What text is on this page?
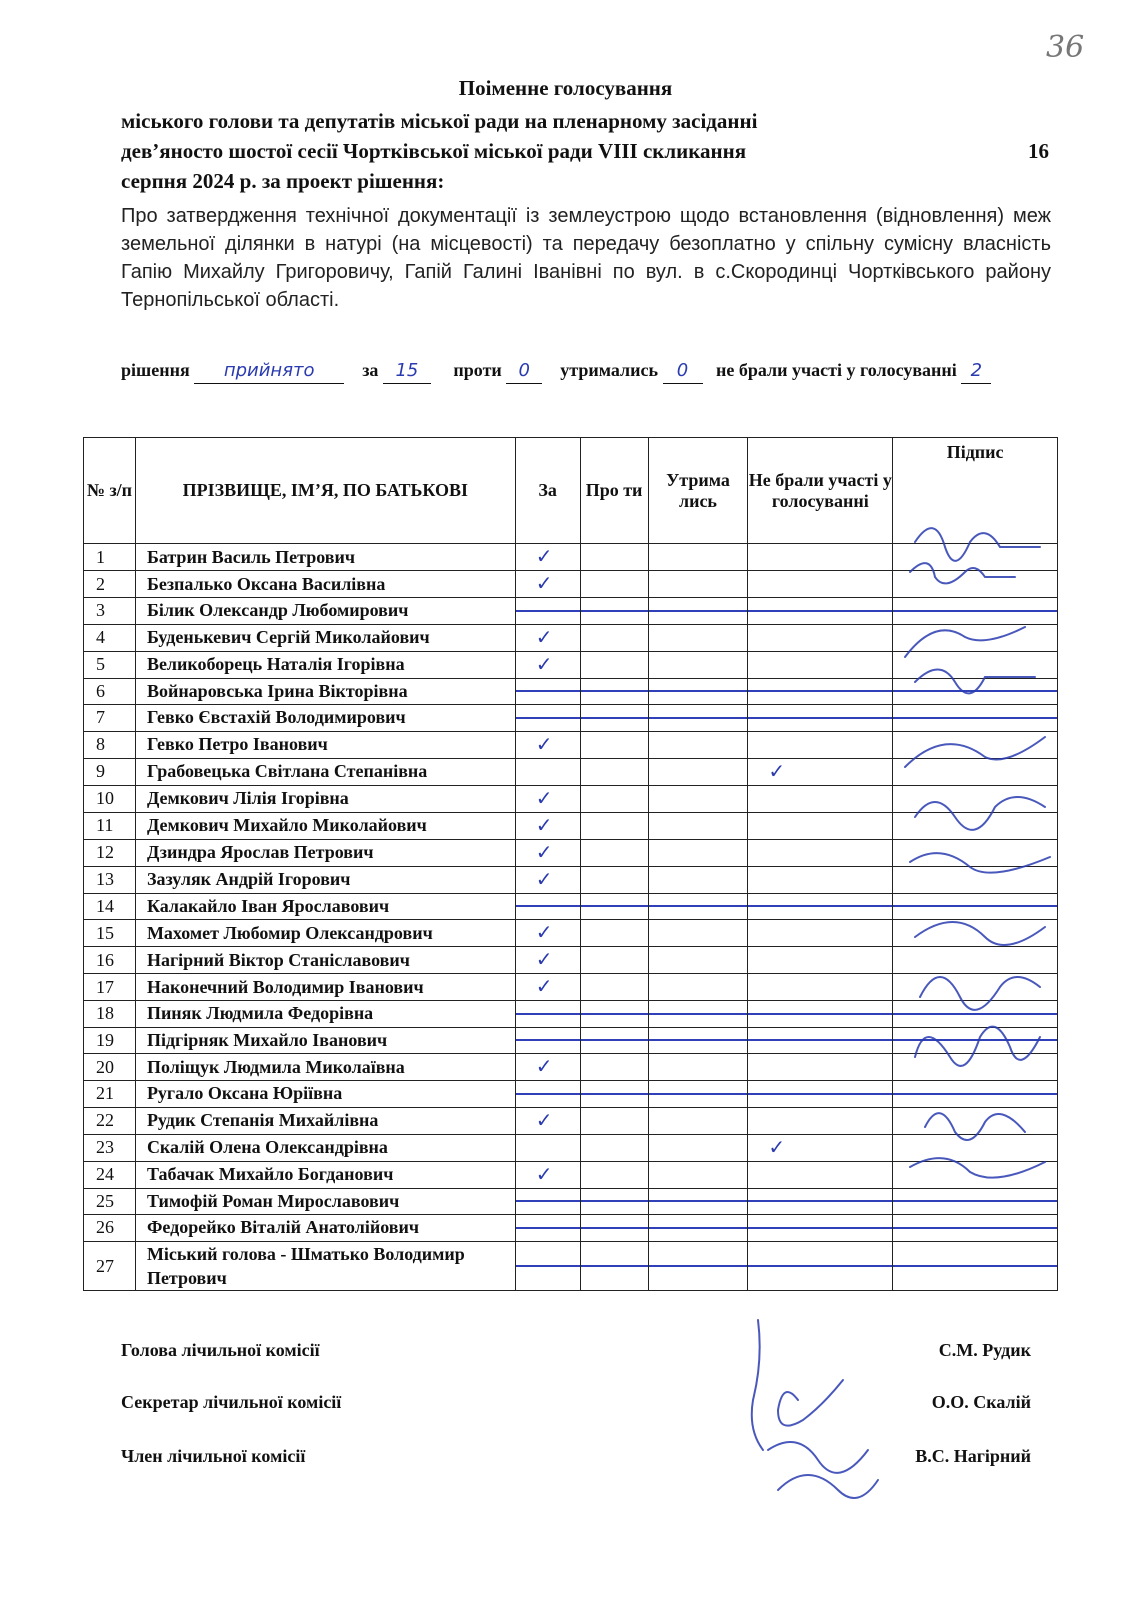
36
Поіменне голосування
міського голови та депутатів міської ради на пленарному засіданні
дев’яносто шостої сесії Чортківської міської ради VIII скликання	16
серпня 2024 р. за проект рішення:
Про затвердження технічної документації із землеустрою щодо встановлення (відновлення) меж земельної ділянки в натурі (на місцевості) та передачу безоплатно у спільну сумісну власність Гапію Михайлу Григоровичу, Гапій Галині Іванівні по вул. в с.Скородинці Чортківського району Тернопільської області.
рішення прийнято	за 15 проти 0 утримались 0 не брали участі у голосуванні 2
№ з/п	ПРІЗВИЩЕ, ІМ’Я, ПО БАТЬКОВІ	За	Про ти	Утрима лись	Не брали участі у голосуванні	Підпис
1	Батрин Василь Петрович	✓				
2	Безпалько Оксана Василівна	✓				
3	Білик Олександр Любомирович	

4	Буденькевич Сергій Миколайович	✓				
5	Великоборець Наталія Ігорівна	✓				
6	Войнаровська Ірина Вікторівна	

7	Гевко Євстахій Володимирович	

8	Гевко Петро Іванович	✓				
9	Грабовецька Світлана Степанівна				✓	
10	Демкович Лілія Ігорівна	✓				
11	Демкович Михайло Миколайович	✓				
12	Дзиндра Ярослав Петрович	✓				
13	Зазуляк Андрій Ігорович	✓				
14	Калакайло Іван Ярославович	

15	Махомет Любомир Олександрович	✓				
16	Нагірний Віктор Станіславович	✓				
17	Наконечний Володимир Іванович	✓				
18	Пиняк Людмила Федорівна	

19	Підгірняк Михайло Іванович	

20	Поліщук Людмила Миколаївна	✓				
21	Ругало Оксана Юріївна	

22	Рудик Степанія Михайлівна	✓				
23	Скалій Олена Олександрівна				✓	
24	Табачак Михайло Богданович	✓				
25	Тимофій Роман Мирославович	

26	Федорейко Віталій Анатолійович	

27	Міський голова - Шматько Володимир Петрович	

Голова лічильної комісії	С.М. Рудик
Секретар лічильної комісії	О.О. Скалій
Член лічильної комісії	В.С. Нагірний
